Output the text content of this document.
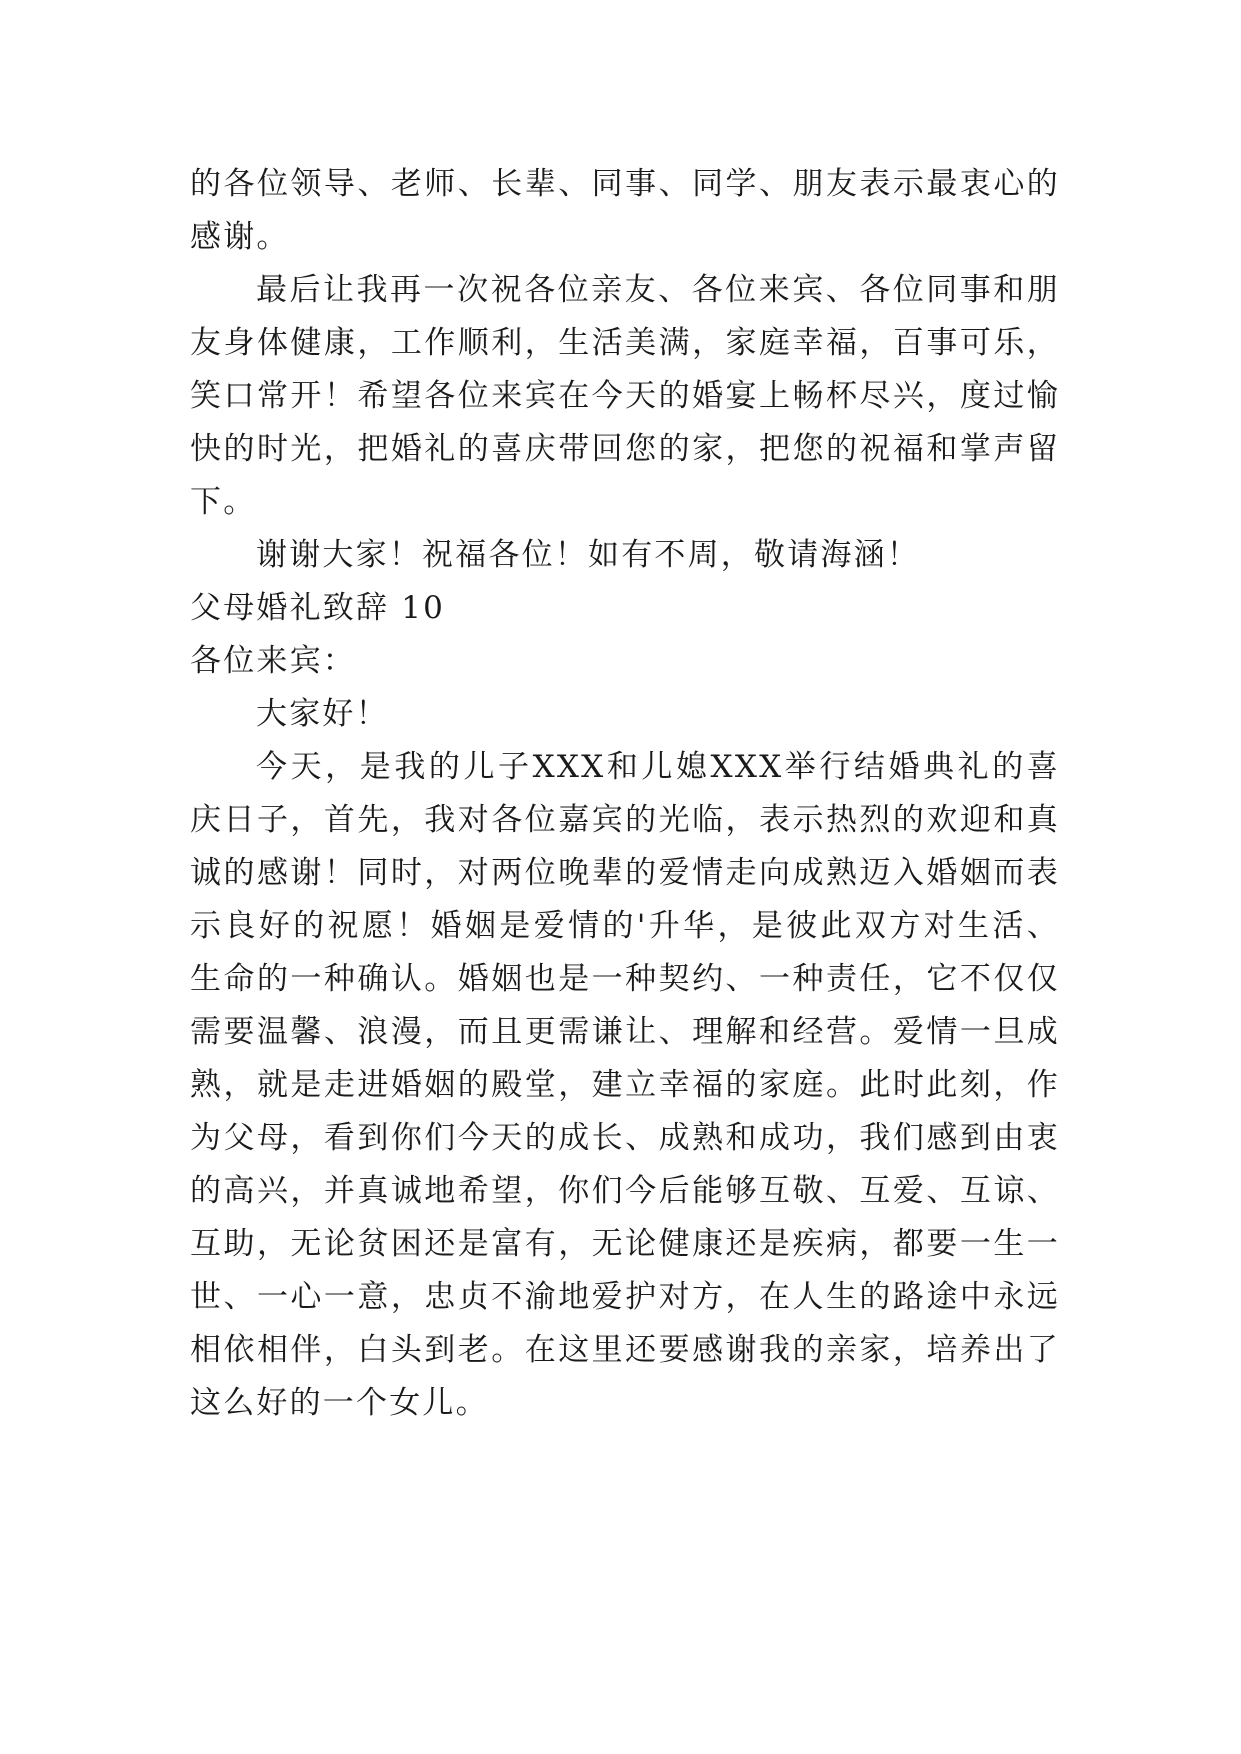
的各位领导、老师、长辈、同事、同学、朋友表示最衷心的感谢。

最后让我再一次祝各位亲友、各位来宾、各位同事和朋友身体健康，工作顺利，生活美满，家庭幸福，百事可乐，笑口常开！希望各位来宾在今天的婚宴上畅杯尽兴，度过愉快的时光，把婚礼的喜庆带回您的家，把您的祝福和掌声留下。

谢谢大家！祝福各位！如有不周，敬请海涵！

父母婚礼致辞 10

各位来宾：

大家好！

今天，是我的儿子XXX和儿媳XXX举行结婚典礼的喜庆日子，首先，我对各位嘉宾的光临，表示热烈的欢迎和真诚的感谢！同时，对两位晚辈的爱情走向成熟迈入婚姻而表示良好的祝愿！婚姻是爱情的'升华，是彼此双方对生活、生命的一种确认。婚姻也是一种契约、一种责任，它不仅仅需要温馨、浪漫，而且更需谦让、理解和经营。爱情一旦成熟，就是走进婚姻的殿堂，建立幸福的家庭。此时此刻，作为父母，看到你们今天的成长、成熟和成功，我们感到由衷的高兴，并真诚地希望，你们今后能够互敬、互爱、互谅、互助，无论贫困还是富有，无论健康还是疾病，都要一生一世、一心一意，忠贞不渝地爱护对方，在人生的路途中永远相依相伴，白头到老。在这里还要感谢我的亲家，培养出了这么好的一个女儿。
